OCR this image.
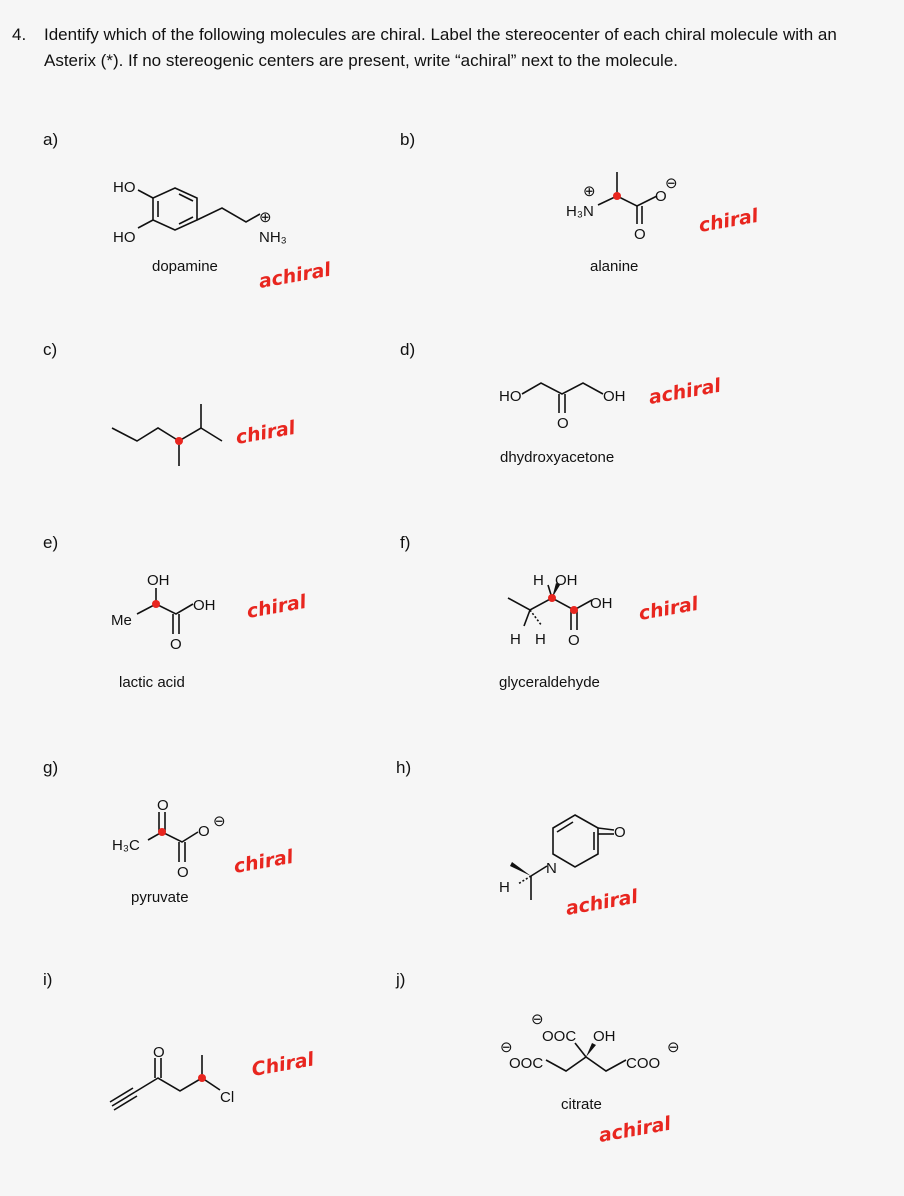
4. Identify which of the following molecules are chiral. Label the stereocenter of each chiral molecule with an Asterix (*). If no stereogenic centers are present, write “achiral” next to the molecule.
a)	b)
c)	d)
e)	f)
g)	h)
i)	j)
HO
HO	NH₃
⊕
dopamine achiral
H₃N
⊕	O
⊖
O
alanine
chiral
chiral
HO	OH
O
dhydroxyacetone
achiral
OH
Me
OH
O
lactic acid
chiral
H OH
OH
H H O
glyceraldehyde
chiral
O
H₃C
O
⊖
O
pyruvate
chiral	N
O
H	achiral
O
Cl
Chiral	OOC
⊖
OOC
⊖
OH
COO
⊖
citrate
achiral
